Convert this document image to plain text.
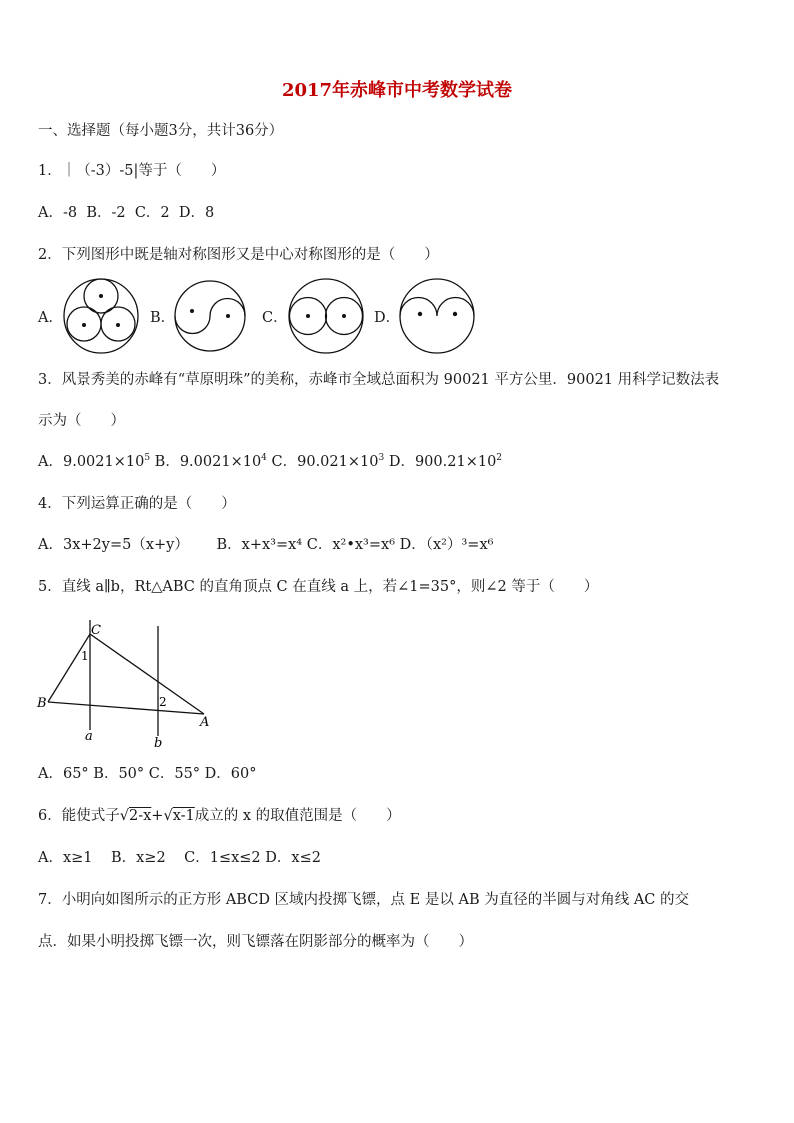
2017年赤峰市中考数学试卷
一、选择题（每小题3分，共计36分）
1．｜（-3）-5|等于（　　）
A．-8 B．-2 C．2 D．8
2．下列图形中既是轴对称图形又是中心对称图形的是（　　）
A．	B．	C．	D．
3．风景秀美的赤峰有“草原明珠”的美称，赤峰市全域总面积为 90021 平方公里．90021 用科学记数法表
示为（　　）
A．$9.0021\times 10^5$ B．$9.0021\times 10^4$ C．$90.021\times 10^3$ D．$900.21\times 10^2$
4．下列运算正确的是（　　）
A．3x+2y=5（x+y） B．x+x³=x⁴ C．x²•x³=x⁶ D．（x²）³=x⁶
5．直线 a∥b，Rt△ABC 的直角顶点 C 在直线 a 上，若∠1=35°，则∠2 等于（　　）
C
1
B	2
A
a	b
A．65° B．50° C．55° D．60°
6．能使式子√2-x+√x-1成立的 x 的取值范围是（　　）
A．x≥1 B．x≥2 C．1≤x≤2 D．x≤2
7．小明向如图所示的正方形 ABCD 区域内投掷飞镖，点 E 是以 AB 为直径的半圆与对角线 AC 的交
点．如果小明投掷飞镖一次，则飞镖落在阴影部分的概率为（　　）
